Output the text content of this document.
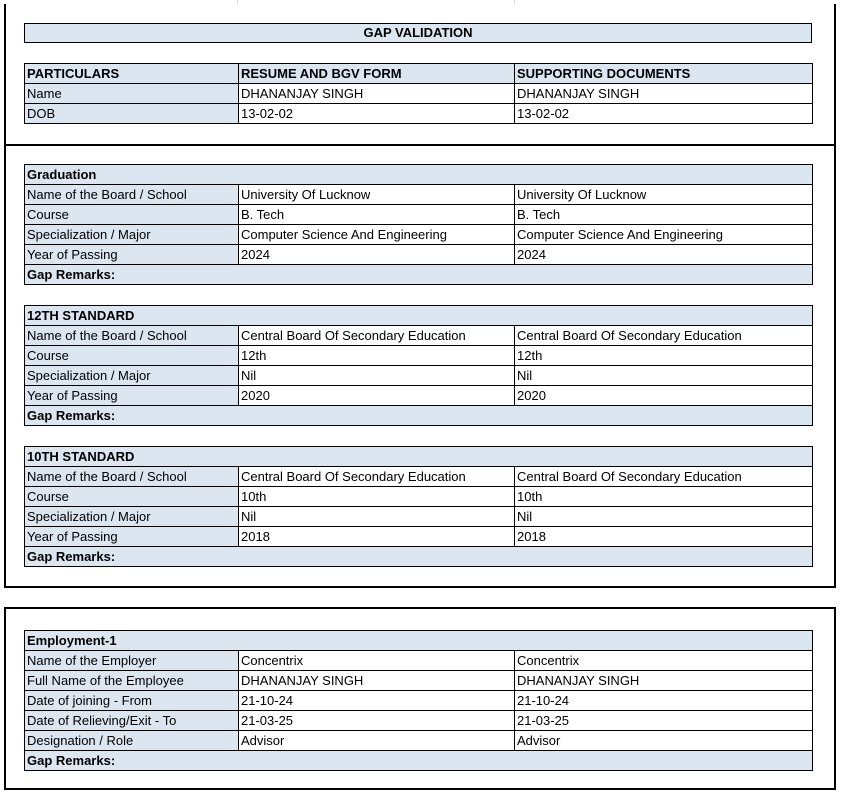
GAP VALIDATION
PARTICULARS	RESUME AND BGV FORM	SUPPORTING DOCUMENTS
Name	DHANANJAY SINGH	DHANANJAY SINGH
DOB	13-02-02	13-02-02
Graduation		
Name of the Board / School	University Of Lucknow	University Of Lucknow
Course	B. Tech	B. Tech
Specialization / Major	Computer Science And Engineering	Computer Science And Engineering
Year of Passing	2024	2024
Gap Remarks:		
12TH STANDARD		
Name of the Board / School	Central Board Of Secondary Education	Central Board Of Secondary Education
Course	12th	12th
Specialization / Major	Nil	Nil
Year of Passing	2020	2020
Gap Remarks:		
10TH STANDARD		
Name of the Board / School	Central Board Of Secondary Education	Central Board Of Secondary Education
Course	10th	10th
Specialization / Major	Nil	Nil
Year of Passing	2018	2018
Gap Remarks:		
Employment-1		
Name of the Employer	Concentrix	Concentrix
Full Name of the Employee	DHANANJAY SINGH	DHANANJAY SINGH
Date of joining - From	21-10-24	21-10-24
Date of Relieving/Exit - To	21-03-25	21-03-25
Designation / Role	Advisor	Advisor
Gap Remarks:		
